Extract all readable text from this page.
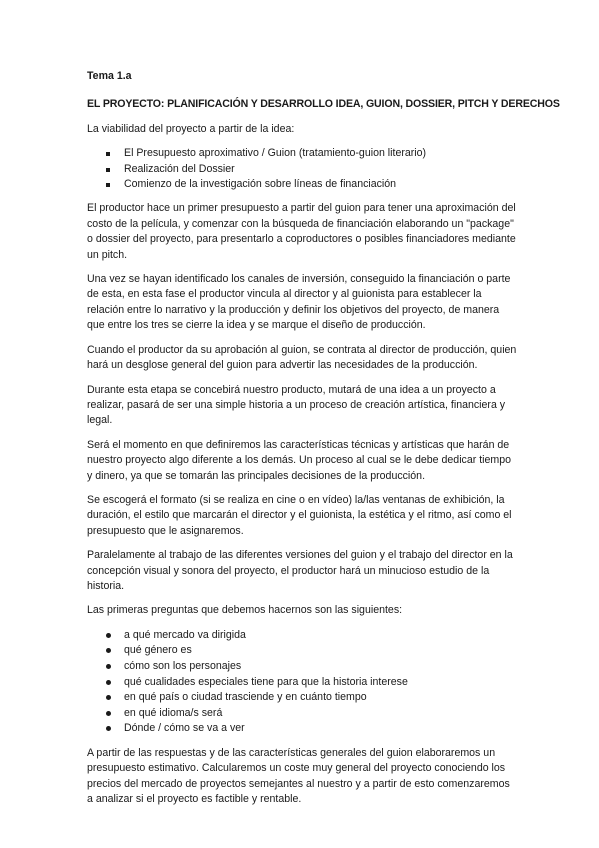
Tema 1.a
EL PROYECTO: PLANIFICACIÓN Y DESARROLLO IDEA, GUION, DOSSIER, PITCH Y DERECHOS

La viabilidad del proyecto a partir de la idea:

El Presupuesto aproximativo / Guion (tratamiento-guion literario)
Realización del Dossier
Comienzo de la investigación sobre líneas de financiación

El productor hace un primer presupuesto a partir del guion para tener una aproximación del costo de la película, y comenzar con la búsqueda de financiación elaborando un "package" o dossier del proyecto, para presentarlo a coproductores o posibles financiadores mediante un pitch.

Una vez se hayan identificado los canales de inversión, conseguido la financiación o parte de esta, en esta fase el productor vincula al director y al guionista para establecer la relación entre lo narrativo y la producción y definir los objetivos del proyecto, de manera que entre los tres se cierre la idea y se marque el diseño de producción.

Cuando el productor da su aprobación al guion, se contrata al director de producción, quien hará un desglose general del guion para advertir las necesidades de la producción.

Durante esta etapa se concebirá nuestro producto, mutará de una idea a un proyecto a realizar, pasará de ser una simple historia a un proceso de creación artística, financiera y legal.

Será el momento en que definiremos las características técnicas y artísticas que harán de nuestro proyecto algo diferente a los demás. Un proceso al cual se le debe dedicar tiempo y dinero, ya que se tomarán las principales decisiones de la producción.

Se escogerá el formato (si se realiza en cine o en vídeo) la/las ventanas de exhibición, la duración, el estilo que marcarán el director y el guionista, la estética y el ritmo, así como el presupuesto que le asignaremos.

Paralelamente al trabajo de las diferentes versiones del guion y el trabajo del director en la concepción visual y sonora del proyecto, el productor hará un minucioso estudio de la historia.

Las primeras preguntas que debemos hacernos son las siguientes:

a qué mercado va dirigida
qué género es
cómo son los personajes
qué cualidades especiales tiene para que la historia interese
en qué país o ciudad trasciende y en cuánto tiempo
en qué idioma/s será
Dónde / cómo se va a ver

A partir de las respuestas y de las características generales del guion elaboraremos un presupuesto estimativo. Calcularemos un coste muy general del proyecto conociendo los precios del mercado de proyectos semejantes al nuestro y a partir de esto comenzaremos a analizar si el proyecto es factible y rentable.
